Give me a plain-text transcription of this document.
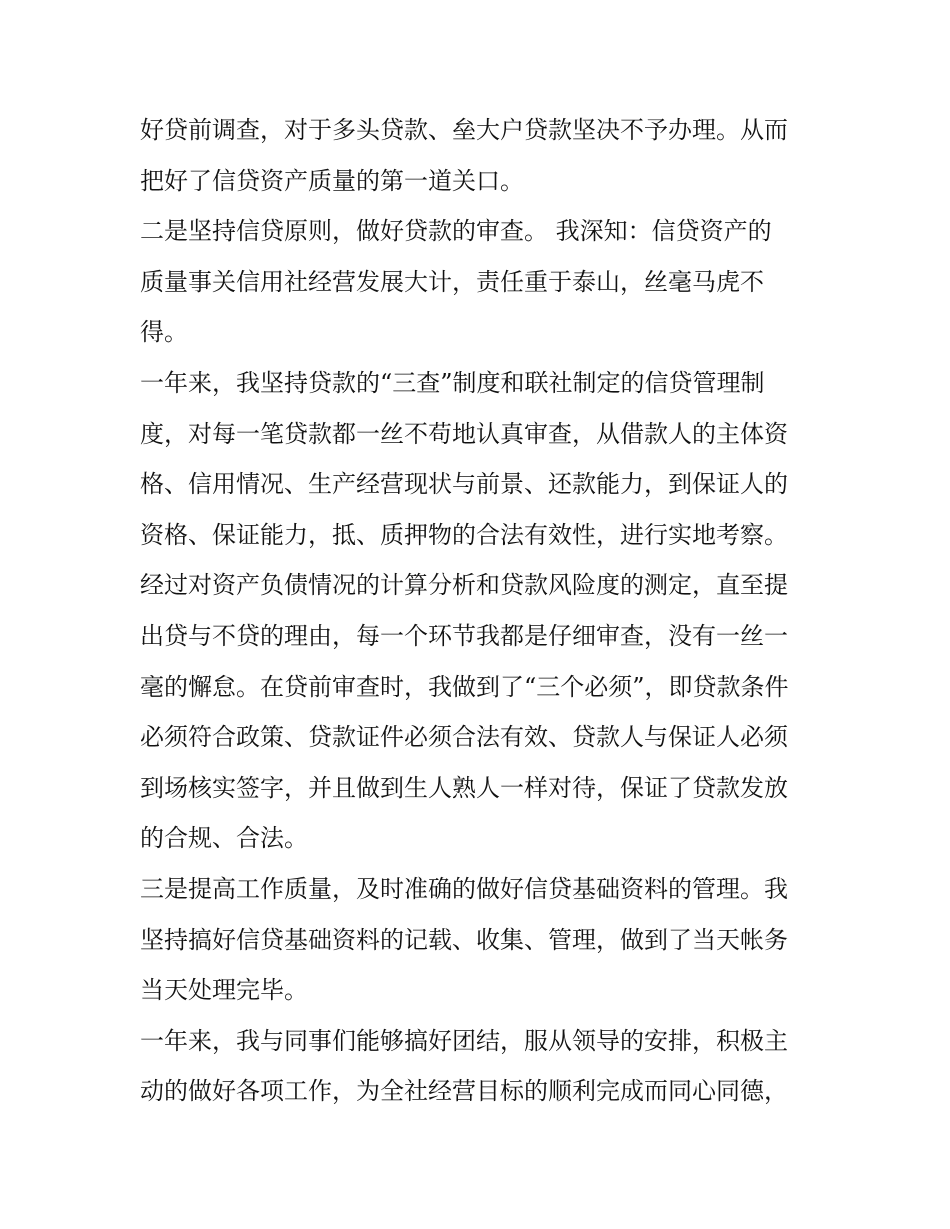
好贷前调查，对于多头贷款、垒大户贷款坚决不予办理。从而
把好了信贷资产质量的第一道关口。
二是坚持信贷原则，做好贷款的审查。 我深知：信贷资产的
质量事关信用社经营发展大计，责任重于泰山，丝毫马虎不
得。
一年来，我坚持贷款的“三查”制度和联社制定的信贷管理制
度，对每一笔贷款都一丝不苟地认真审查，从借款人的主体资
格、信用情况、生产经营现状与前景、还款能力，到保证人的
资格、保证能力，抵、质押物的合法有效性，进行实地考察。
经过对资产负债情况的计算分析和贷款风险度的测定，直至提
出贷与不贷的理由，每一个环节我都是仔细审查，没有一丝一
毫的懈怠。在贷前审查时，我做到了“三个必须”，即贷款条件
必须符合政策、贷款证件必须合法有效、贷款人与保证人必须
到场核实签字，并且做到生人熟人一样对待，保证了贷款发放
的合规、合法。
三是提高工作质量，及时准确的做好信贷基础资料的管理。我
坚持搞好信贷基础资料的记载、收集、管理，做到了当天帐务
当天处理完毕。
一年来，我与同事们能够搞好团结，服从领导的安排，积极主
动的做好各项工作，为全社经营目标的顺利完成而同心同德，
